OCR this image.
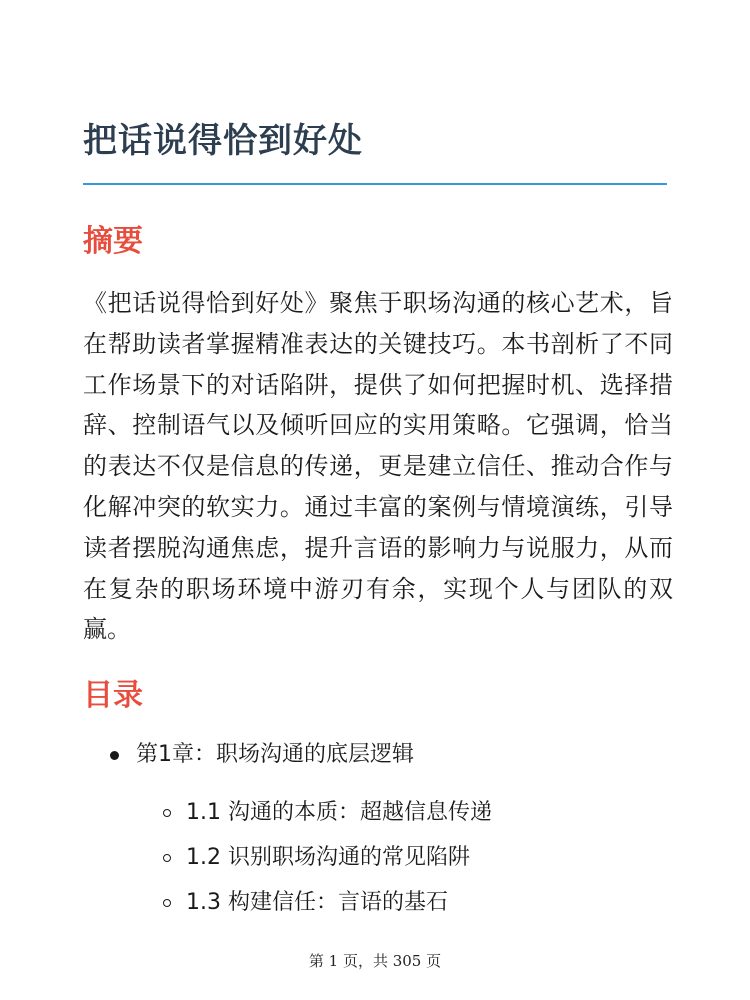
把话说得恰到好处
摘要

《把话说得恰到好处》聚焦于职场沟通的核心艺术，旨在帮助读者掌握精准表达的关键技巧。本书剖析了不同工作场景下的对话陷阱，提供了如何把握时机、选择措辞、控制语气以及倾听回应的实用策略。它强调，恰当的表达不仅是信息的传递，更是建立信任、推动合作与化解冲突的软实力。通过丰富的案例与情境演练，引导读者摆脱沟通焦虑，提升言语的影响力与说服力，从而在复杂的职场环境中游刃有余，实现个人与团队的双赢。

目录
第1章：职场沟通的底层逻辑
1.1 沟通的本质：超越信息传递
1.2 识别职场沟通的常见陷阱
1.3 构建信任：言语的基石
第 1 页，共 305 页
